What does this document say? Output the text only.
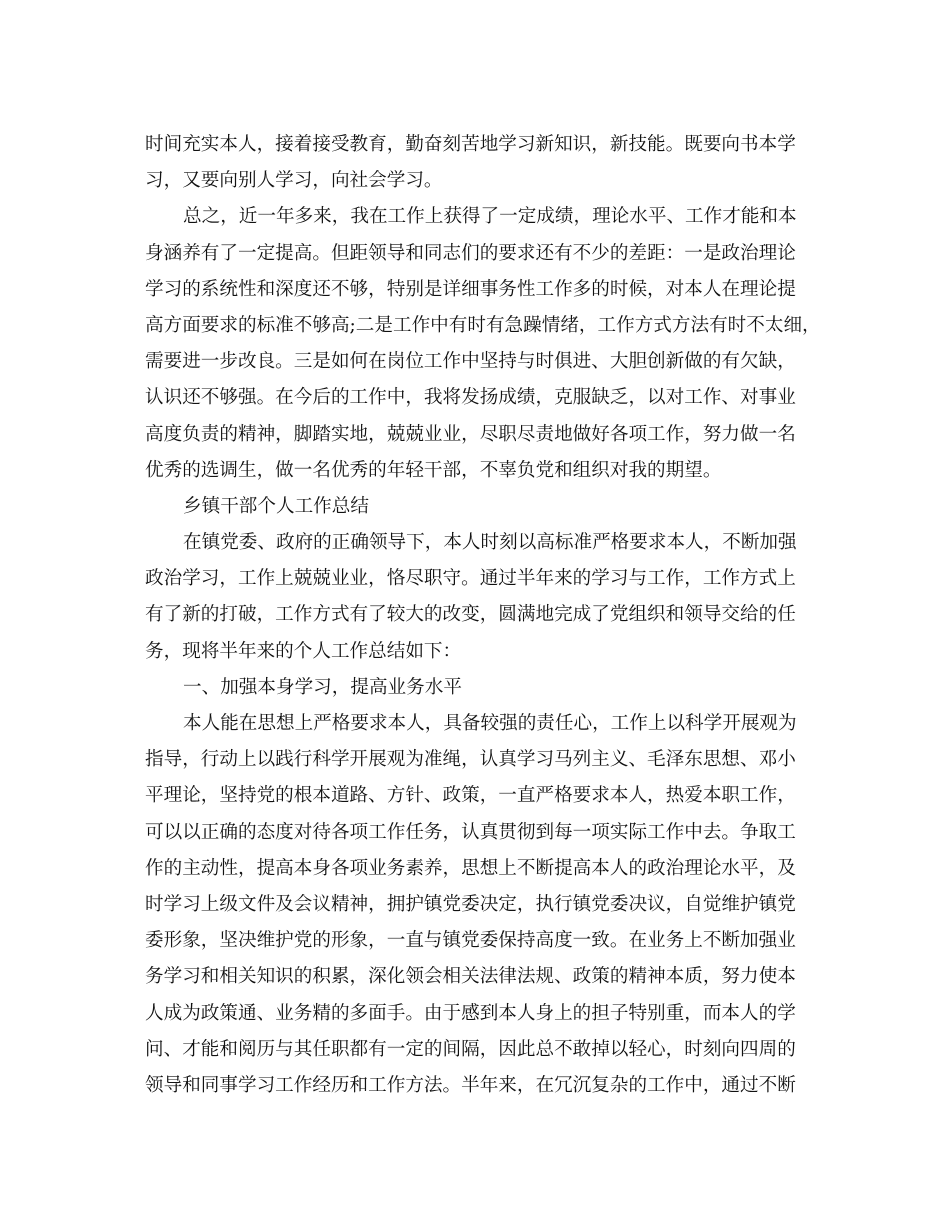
时间充实本人，接着接受教育，勤奋刻苦地学习新知识，新技能。既要向书本学
习，又要向别人学习，向社会学习。
总之，近一年多来，我在工作上获得了一定成绩，理论水平、工作才能和本
身涵养有了一定提高。但距领导和同志们的要求还有不少的差距：一是政治理论
学习的系统性和深度还不够，特别是详细事务性工作多的时候，对本人在理论提
高方面要求的标准不够高;二是工作中有时有急躁情绪，工作方式方法有时不太细，
需要进一步改良。三是如何在岗位工作中坚持与时俱进、大胆创新做的有欠缺，
认识还不够强。在今后的工作中，我将发扬成绩，克服缺乏，以对工作、对事业
高度负责的精神，脚踏实地，兢兢业业，尽职尽责地做好各项工作，努力做一名
优秀的选调生，做一名优秀的年轻干部，不辜负党和组织对我的期望。
乡镇干部个人工作总结
在镇党委、政府的正确领导下，本人时刻以高标准严格要求本人，不断加强
政治学习，工作上兢兢业业，恪尽职守。通过半年来的学习与工作，工作方式上
有了新的打破，工作方式有了较大的改变，圆满地完成了党组织和领导交给的任
务，现将半年来的个人工作总结如下：
一、加强本身学习，提高业务水平
本人能在思想上严格要求本人，具备较强的责任心，工作上以科学开展观为
指导，行动上以践行科学开展观为准绳，认真学习马列主义、毛泽东思想、邓小
平理论，坚持党的根本道路、方针、政策，一直严格要求本人，热爱本职工作，
可以以正确的态度对待各项工作任务，认真贯彻到每一项实际工作中去。争取工
作的主动性，提高本身各项业务素养，思想上不断提高本人的政治理论水平，及
时学习上级文件及会议精神，拥护镇党委决定，执行镇党委决议，自觉维护镇党
委形象，坚决维护党的形象，一直与镇党委保持高度一致。在业务上不断加强业
务学习和相关知识的积累，深化领会相关法律法规、政策的精神本质，努力使本
人成为政策通、业务精的多面手。由于感到本人身上的担子特别重，而本人的学
问、才能和阅历与其任职都有一定的间隔，因此总不敢掉以轻心，时刻向四周的
领导和同事学习工作经历和工作方法。半年来，在冗沉复杂的工作中，通过不断
